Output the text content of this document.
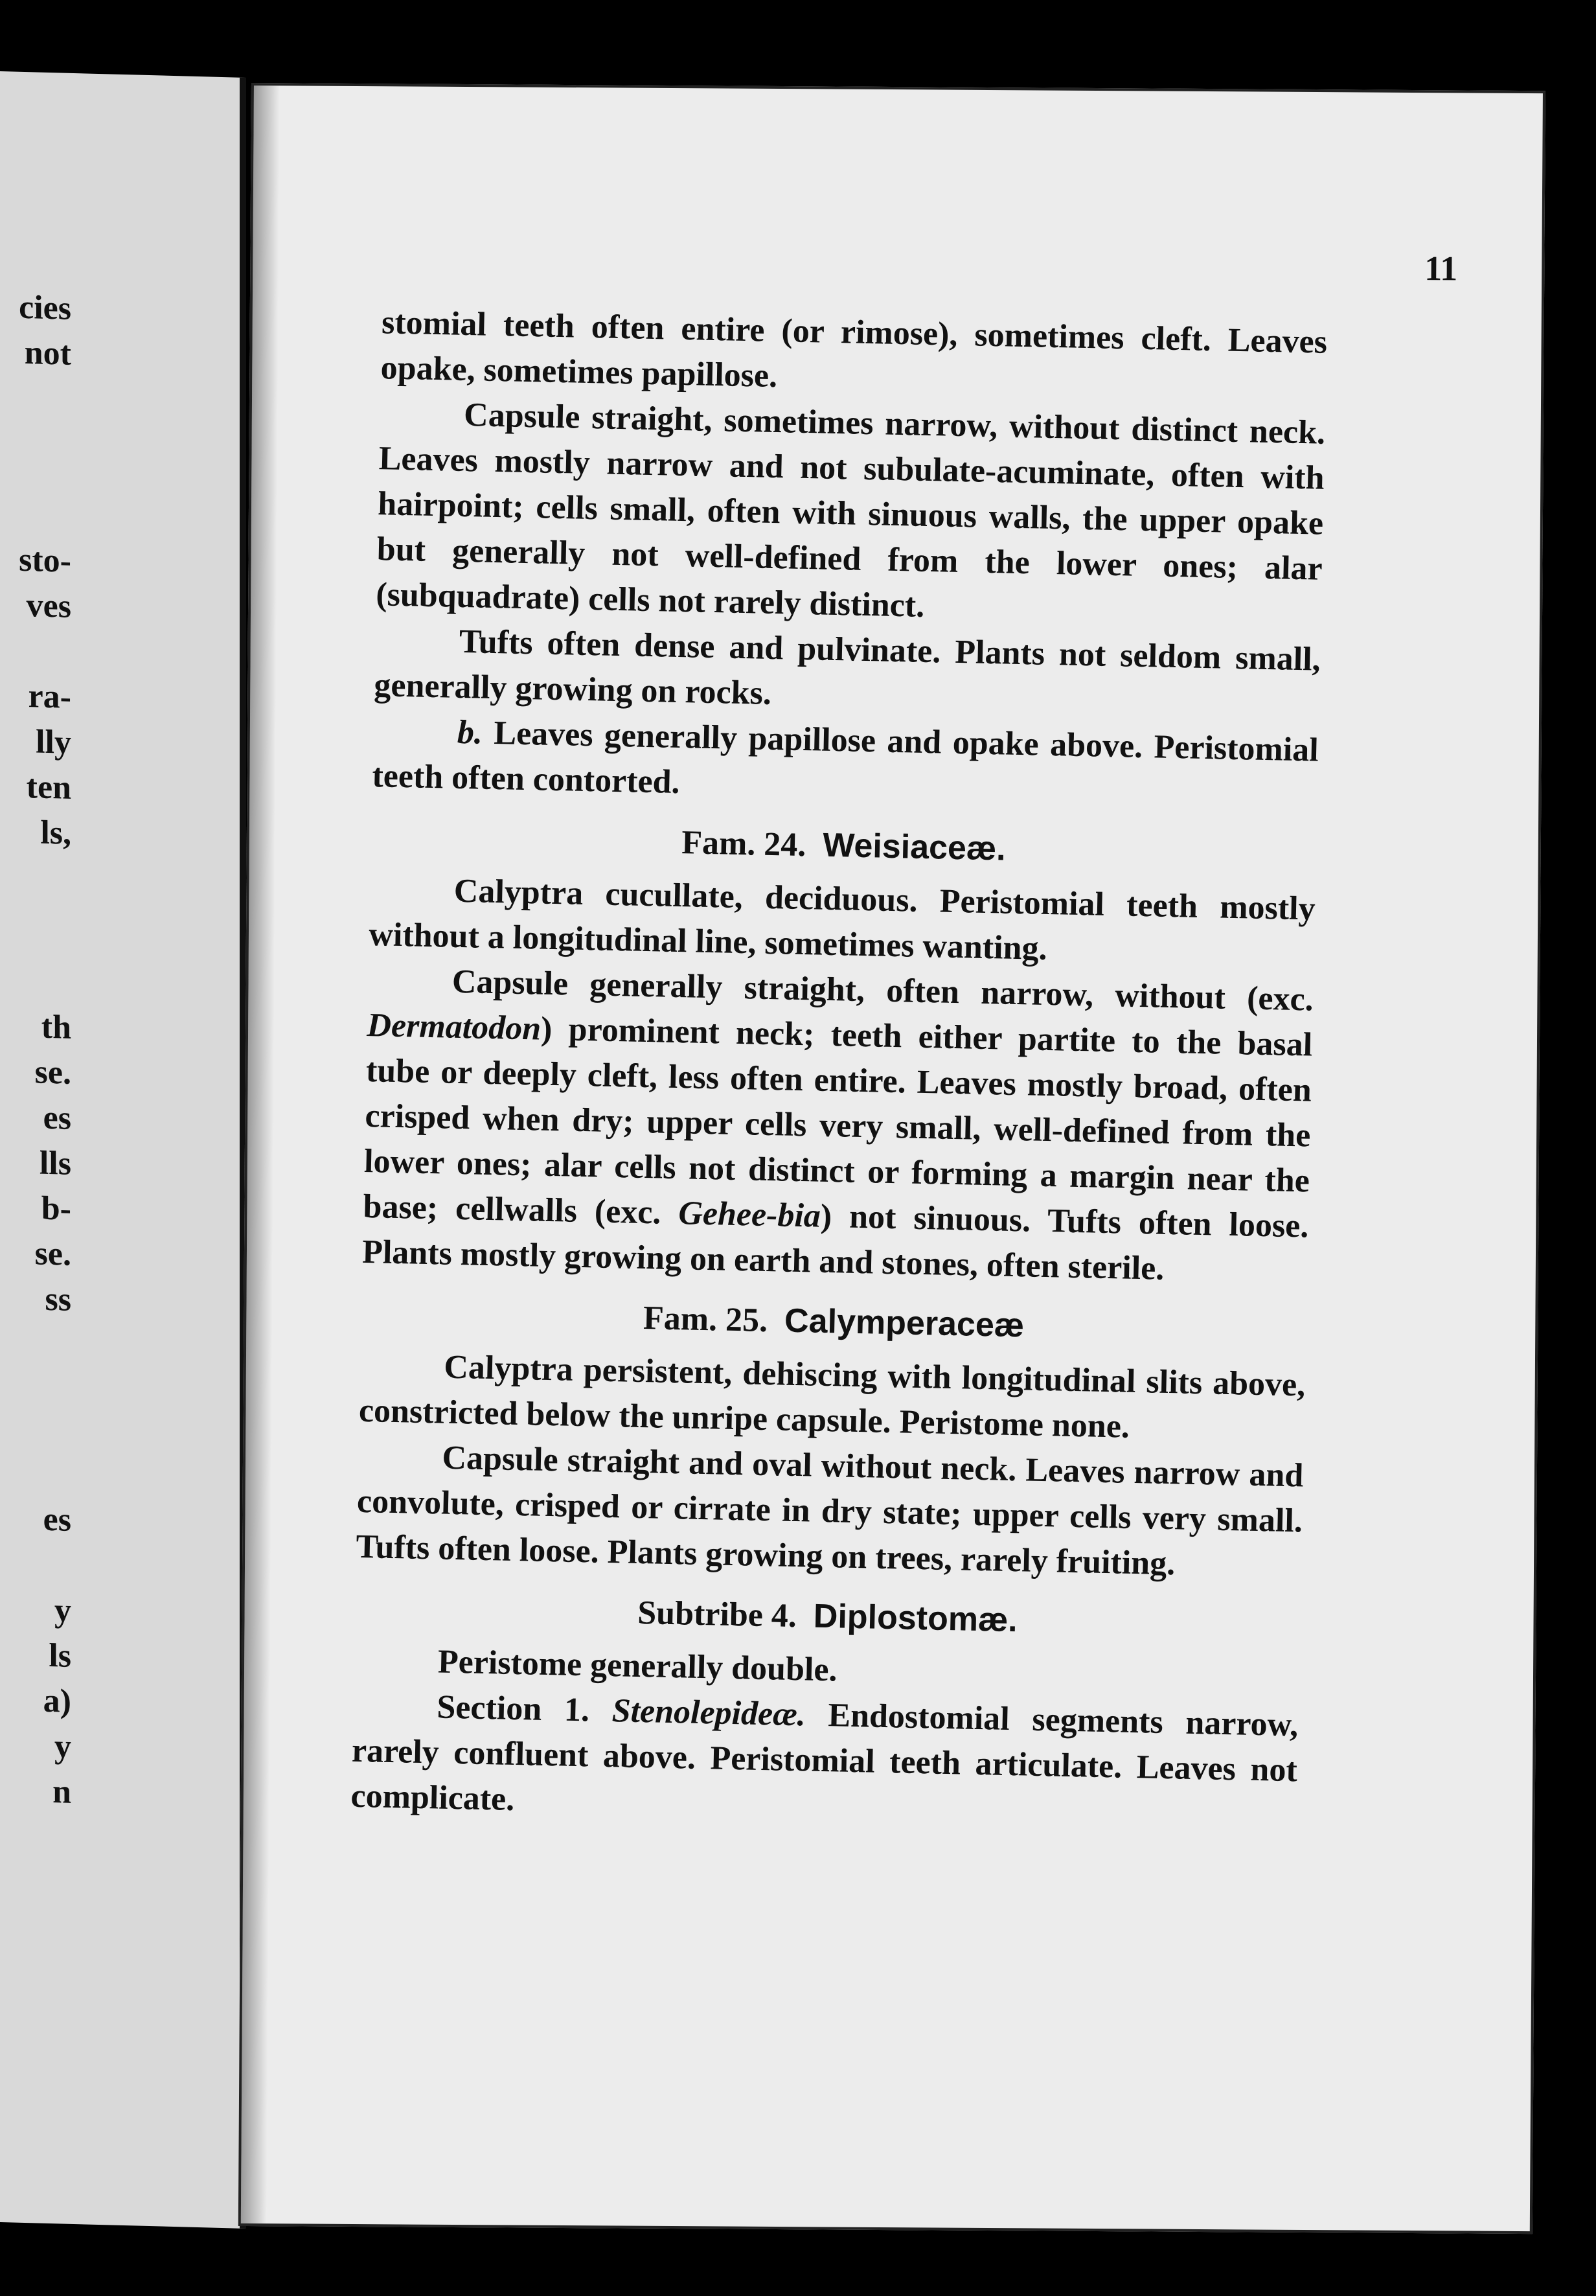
cies
not
sto-
ves
ra-
lly
ten
ls,
th
se.
es
lls
b-
se.
ss
es
y
ls
a)
y
n
11

stomial teeth often entire (or rimose), sometimes cleft. Leaves opake, sometimes papillose.

Capsule straight, sometimes narrow, without distinct neck. Leaves mostly narrow and not subulate-acuminate, often with hairpoint; cells small, often with sinuous walls, the upper opake but generally not well-defined from the lower ones; alar (subquadrate) cells not rarely distinct.

Tufts often dense and pulvinate. Plants not seldom small, generally growing on rocks.

b. Leaves generally papillose and opake above. Peristomial teeth often contorted.

Fam. 24. Weisiaceæ.

Calyptra cucullate, deciduous. Peristomial teeth mostly without a longitudinal line, sometimes wanting.

Capsule generally straight, often narrow, without (exc. Dermatodon) prominent neck; teeth either partite to the basal tube or deeply cleft, less often entire. Leaves mostly broad, often crisped when dry; upper cells very small, well-defined from the lower ones; alar cells not distinct or forming a margin near the base; cellwalls (exc. Gehee-bia) not sinuous. Tufts often loose. Plants mostly growing on earth and stones, often sterile.

Fam. 25. Calymperaceæ

Calyptra persistent, dehiscing with longitudinal slits above, constricted below the unripe capsule. Peristome none.

Capsule straight and oval without neck. Leaves narrow and convolute, crisped or cirrate in dry state; upper cells very small. Tufts often loose. Plants growing on trees, rarely fruiting.

Subtribe 4. Diplostomæ.

Peristome generally double.

Section 1. Stenolepideæ. Endostomial segments narrow, rarely confluent above. Peristomial teeth articulate. Leaves not complicate.
